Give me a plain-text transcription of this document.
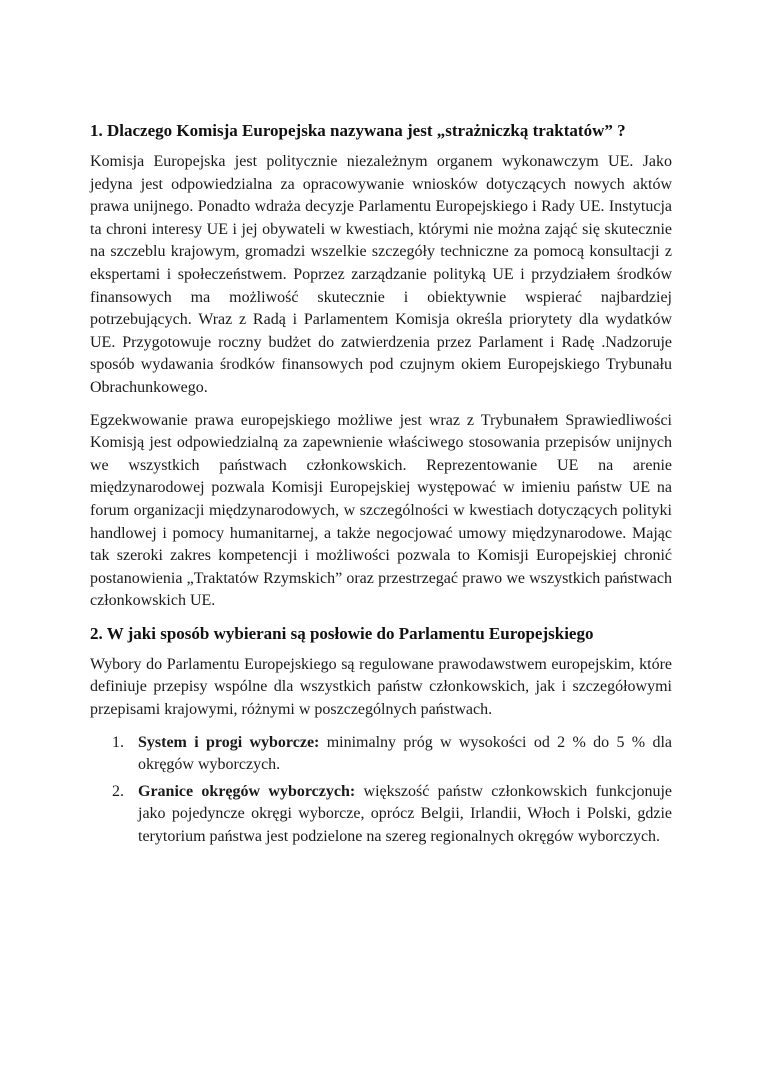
1. Dlaczego Komisja Europejska nazywana jest „strażniczką traktatów” ?

Komisja Europejska jest politycznie niezależnym organem wykonawczym UE. Jako jedyna jest odpowiedzialna za opracowywanie wniosków dotyczących nowych aktów prawa unijnego. Ponadto wdraża decyzje Parlamentu Europejskiego i Rady UE. Instytucja ta chroni interesy UE i jej obywateli w kwestiach, którymi nie można zająć się skutecznie na szczeblu krajowym, gromadzi wszelkie szczegóły techniczne za pomocą konsultacji z ekspertami i społeczeństwem. Poprzez zarządzanie polityką UE i przydziałem środków finansowych ma możliwość skutecznie i obiektywnie wspierać najbardziej potrzebujących. Wraz z Radą i Parlamentem Komisja określa priorytety dla wydatków UE. Przygotowuje roczny budżet do zatwierdzenia przez Parlament i Radę .Nadzoruje sposób wydawania środków finansowych pod czujnym okiem Europejskiego Trybunału Obrachunkowego.

Egzekwowanie prawa europejskiego możliwe jest wraz z Trybunałem Sprawiedliwości Komisją jest odpowiedzialną za zapewnienie właściwego stosowania przepisów unijnych we wszystkich państwach członkowskich. Reprezentowanie UE na arenie międzynarodowej pozwala Komisji Europejskiej występować w imieniu państw UE na forum organizacji międzynarodowych, w szczególności w kwestiach dotyczących polityki handlowej i pomocy humanitarnej, a także negocjować umowy międzynarodowe. Mając tak szeroki zakres kompetencji i możliwości pozwala to Komisji Europejskiej chronić postanowienia „Traktatów Rzymskich” oraz przestrzegać prawo we wszystkich państwach członkowskich UE.

2. W jaki sposób wybierani są posłowie do Parlamentu Europejskiego

Wybory do Parlamentu Europejskiego są regulowane prawodawstwem europejskim, które definiuje przepisy wspólne dla wszystkich państw członkowskich, jak i szczegółowymi przepisami krajowymi, różnymi w poszczególnych państwach.

1. System i progi wyborcze: minimalny próg w wysokości od 2 % do 5 % dla okręgów wyborczych.
2. Granice okręgów wyborczych: większość państw członkowskich funkcjonuje jako pojedyncze okręgi wyborcze, oprócz Belgii, Irlandii, Włoch i Polski, gdzie terytorium państwa jest podzielone na szereg regionalnych okręgów wyborczych.
